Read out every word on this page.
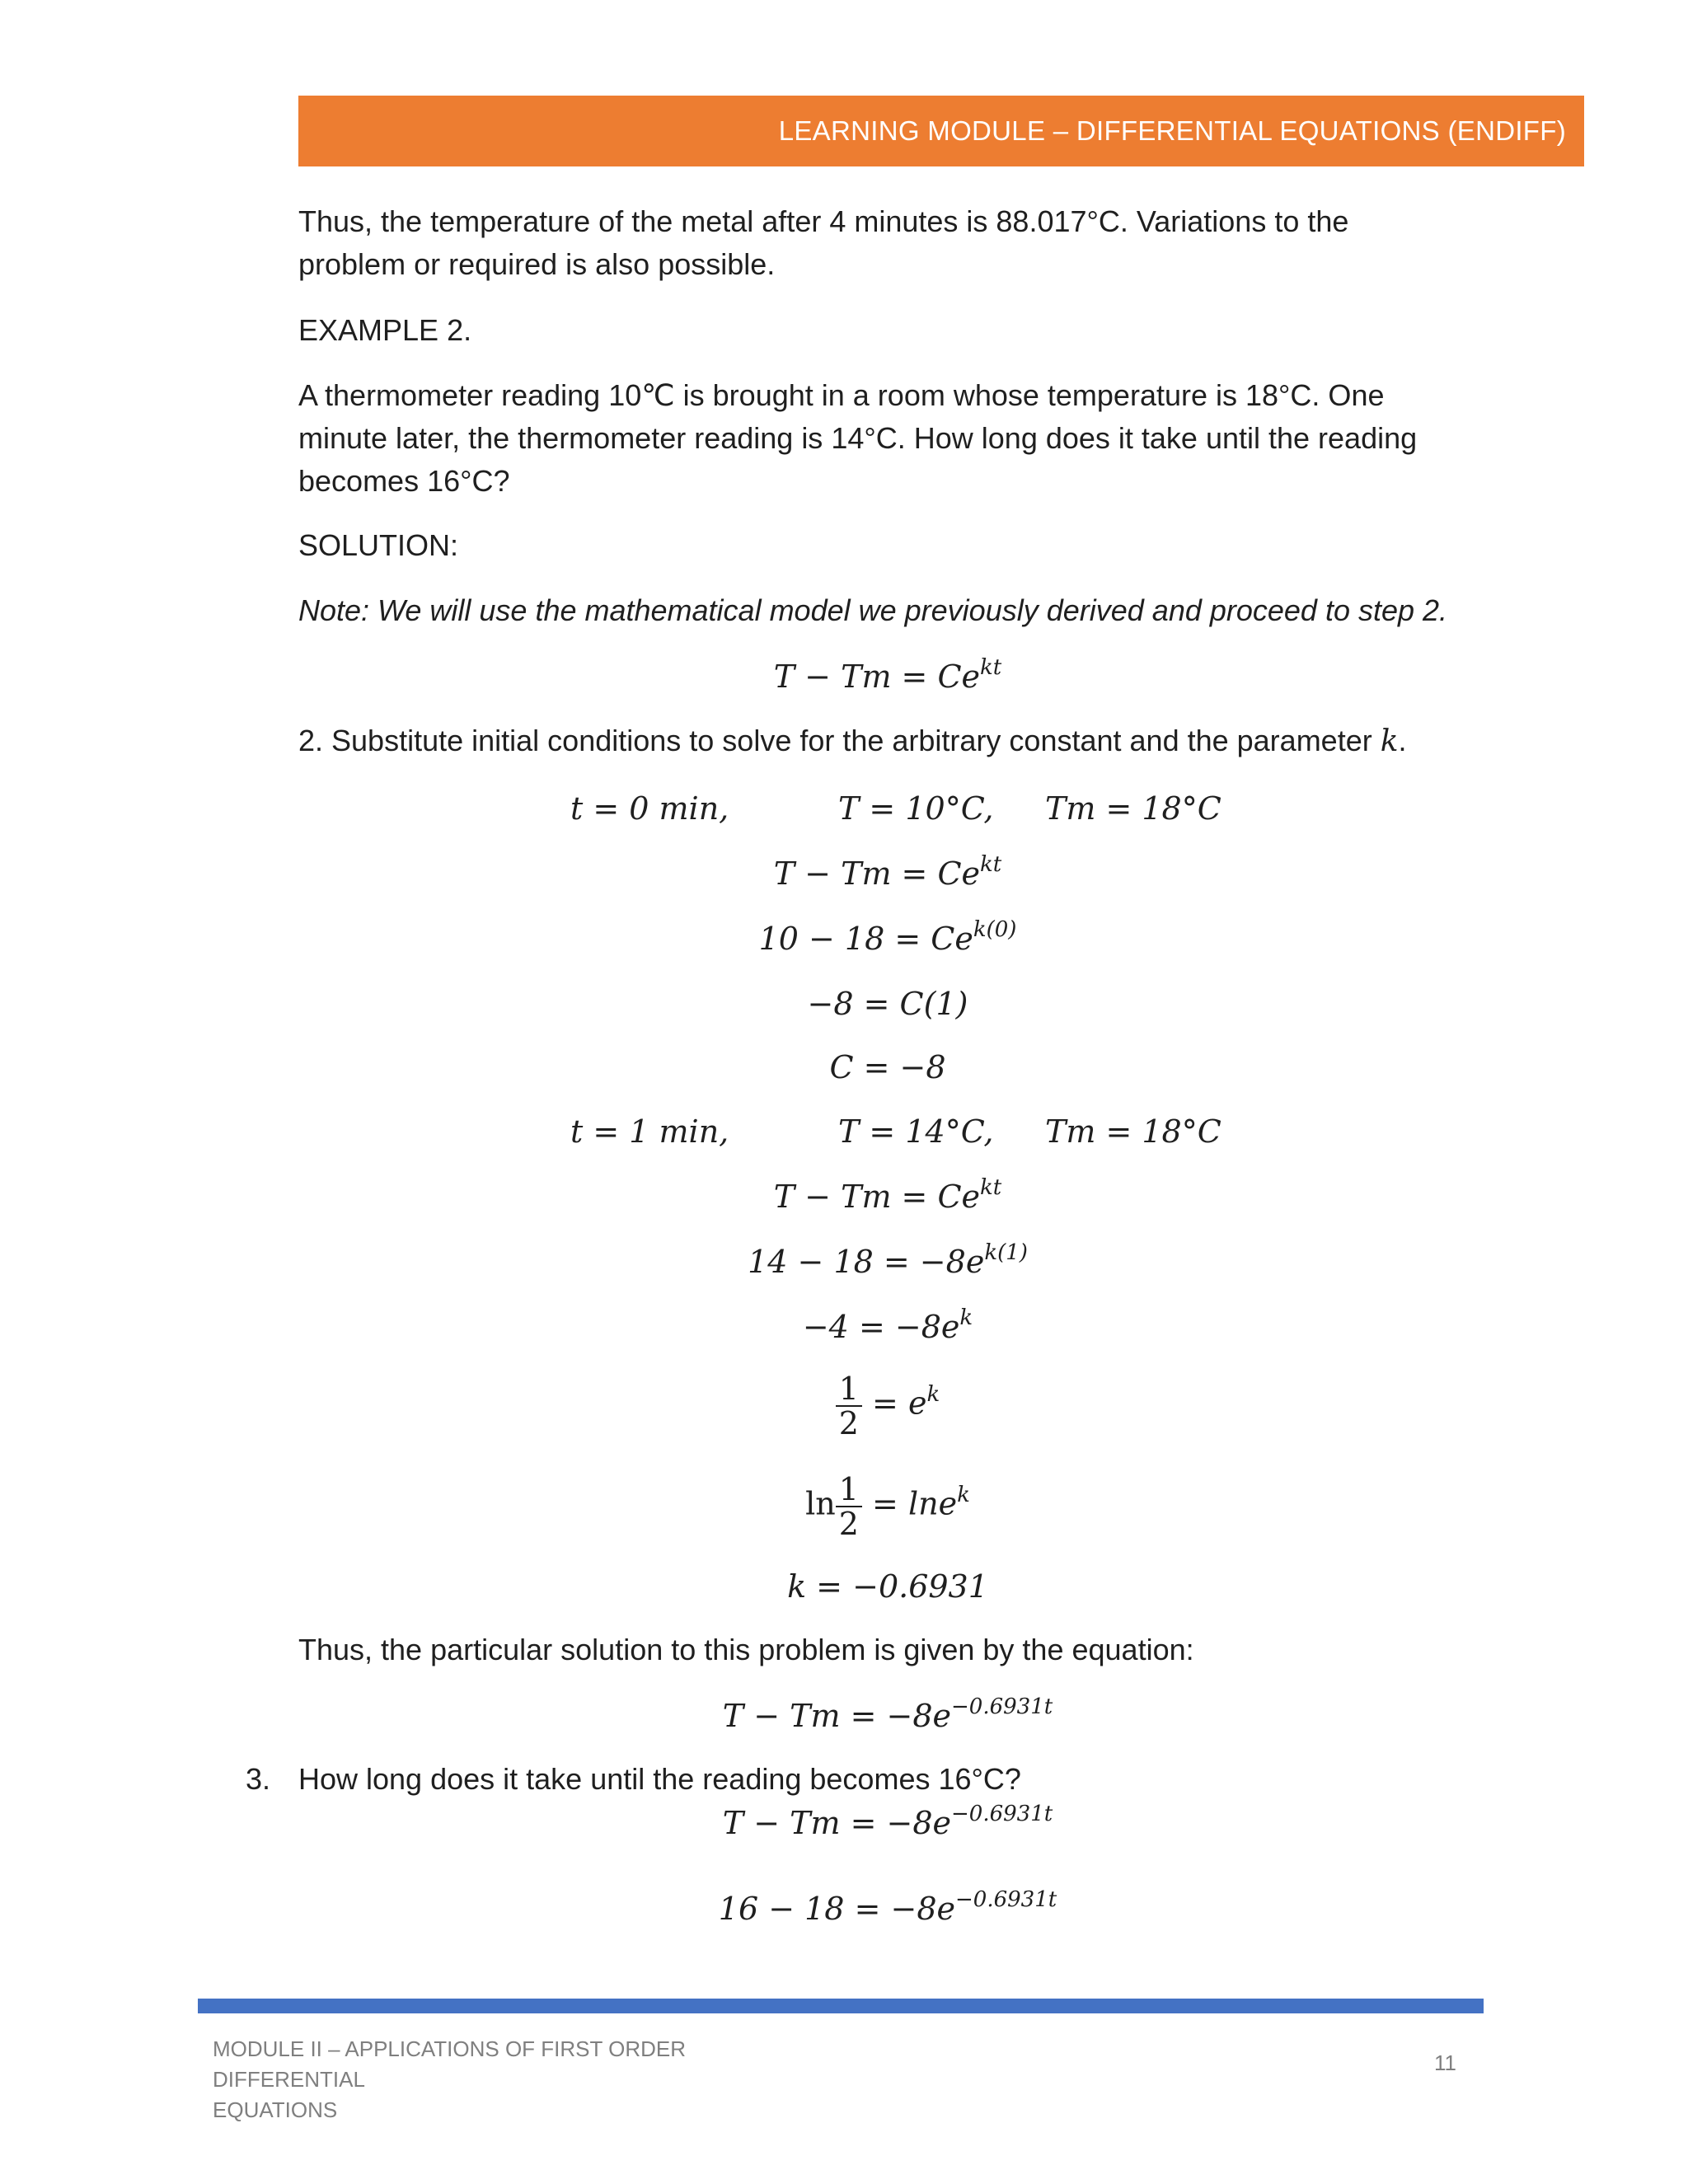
LEARNING MODULE – DIFFERENTIAL EQUATIONS (ENDIFF)
Thus, the temperature of the metal after 4 minutes is 88.017°C. Variations to the
problem or required is also possible.
EXAMPLE 2.
A thermometer reading 10℃ is brought in a room whose temperature is 18°C. One
minute later, the thermometer reading is 14°C. How long does it take until the reading
becomes 16°C?
SOLUTION:
Note: We will use the mathematical model we previously derived and proceed to step 2.
$T - Tm = Ce^{kt}$
2. Substitute initial conditions to solve for the arbitrary constant and the parameter k.
t = 0 min,	T = 10°C, Tm = 18°C
$T - Tm = Ce^{kt}$
$10 - 18 = Ce^{k(0)}$
−8 = C(1)
C = −8
t = 1 min,	T = 14°C, Tm = 18°C
$T - Tm = Ce^{kt}$
$14 - 18 = -8e^{k(1)}$
$-4 = -8e^k$
$\frac{1}{2} = e^k$
$\ln \frac{1}{2} = \ln e^k$
k = −0.6931
Thus, the particular solution to this problem is given by the equation:
$T - Tm = -8e^{-0.6931t}$
3. How long does it take until the reading becomes 16°C?
$T - Tm = -8e^{-0.6931t}$
$16 - 18 = -8e^{-0.6931t}$
MODULE II – APPLICATIONS OF FIRST ORDER DIFFERENTIAL
EQUATIONS
11
